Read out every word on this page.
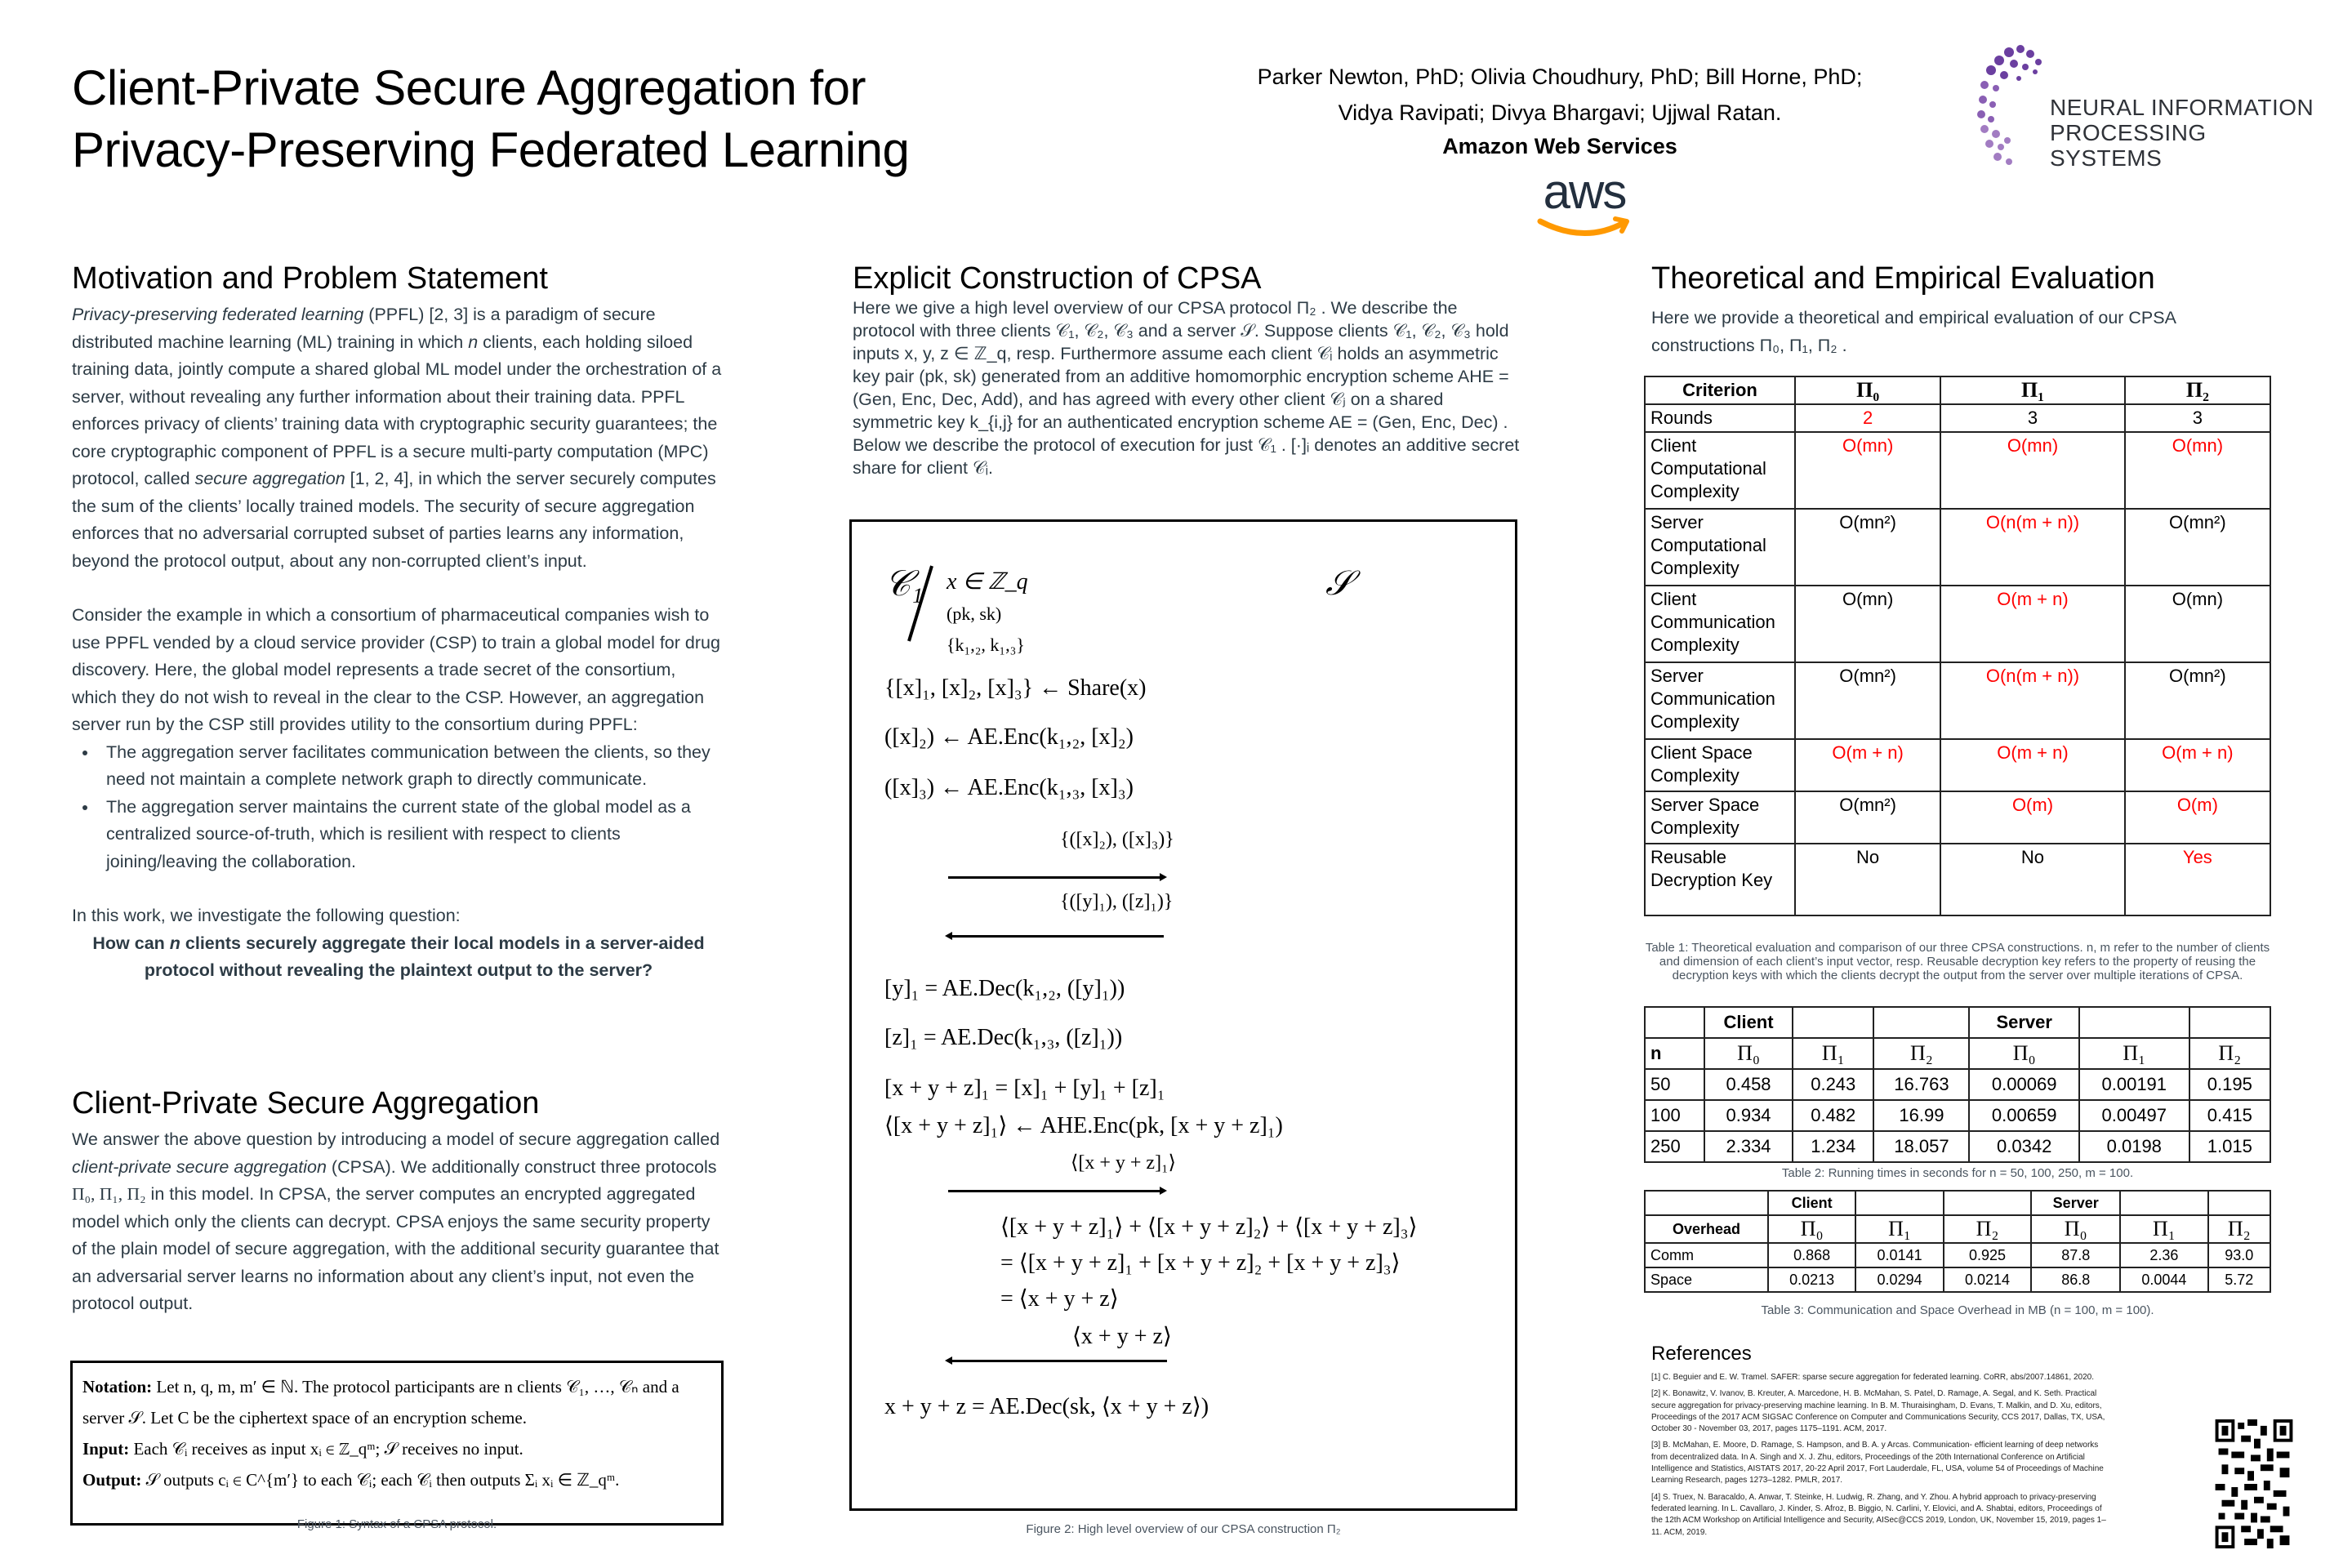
Client-Private Secure Aggregation for
Privacy-Preserving Federated Learning
Parker Newton, PhD; Olivia Choudhury, PhD; Bill Horne, PhD;
Vidya Ravipati; Divya Bhargavi; Ujjwal Ratan.
Amazon Web Services
aws
NEURAL INFORMATION
PROCESSING SYSTEMS
Motivation and Problem Statement

Privacy-preserving federated learning (PPFL) [2, 3] is a paradigm of secure distributed machine learning (ML) training in which n clients, each holding siloed training data, jointly compute a shared global ML model under the orchestration of a server, without revealing any further information about their training data. PPFL enforces privacy of clients’ training data with cryptographic security guarantees; the core cryptographic component of PPFL is a secure multi-party computation (MPC) protocol, called secure aggregation [1, 2, 4], in which the server securely computes the sum of the clients’ locally trained models. The security of secure aggregation enforces that no adversarial corrupted subset of parties learns any information, beyond the protocol output, about any non-corrupted client’s input.

Consider the example in which a consortium of pharmaceutical companies wish to use PPFL vended by a cloud service provider (CSP) to train a global model for drug discovery. Here, the global model represents a trade secret of the consortium, which they do not wish to reveal in the clear to the CSP. However, an aggregation server run by the CSP still provides utility to the consortium during PPFL:

• The aggregation server facilitates communication between the clients, so they need not maintain a complete network graph to directly communicate.
• The aggregation server maintains the current state of the global model as a centralized source-of-truth, which is resilient with respect to clients joining/leaving the collaboration.

In this work, we investigate the following question:

How can n clients securely aggregate their local models in a server-aided protocol without revealing the plaintext output to the server?

Client-Private Secure Aggregation

We answer the above question by introducing a model of secure aggregation called client-private secure aggregation (CPSA). We additionally construct three protocols Π₀, Π₁, Π₂ in this model. In CPSA, the server computes an encrypted aggregated model which only the clients can decrypt. CPSA enjoys the same security property of the plain model of secure aggregation, with the additional security guarantee that an adversarial server learns no information about any client’s input, not even the protocol output.

Notation: Let n, q, m, m′ ∈ ℕ. The protocol participants are n clients 𝒞₁, …, 𝒞ₙ and a server 𝒮. Let C be the ciphertext space of an encryption scheme.
Input: Each 𝒞ᵢ receives as input xᵢ ∈ ℤ_qᵐ; 𝒮 receives no input.
Output: 𝒮 outputs cᵢ ∈ C^{m′} to each 𝒞ᵢ; each 𝒞ᵢ then outputs Σᵢ xᵢ ∈ ℤ_qᵐ.
Figure 1: Syntax of a CPSA protocol.
Explicit Construction of CPSA

Here we give a high level overview of our CPSA protocol Π₂ . We describe the protocol with three clients 𝒞₁, 𝒞₂, 𝒞₃ and a server 𝒮. Suppose clients 𝒞₁, 𝒞₂, 𝒞₃ hold inputs x, y, z ∈ ℤ_q, resp. Furthermore assume each client 𝒞ᵢ holds an asymmetric key pair (pk, sk) generated from an additive homomorphic encryption scheme AHE = (Gen, Enc, Dec, Add), and has agreed with every other client 𝒞ⱼ on a shared symmetric key k_{i,j} for an authenticated encryption scheme AE = (Gen, Enc, Dec) . Below we describe the protocol of execution for just 𝒞₁ . [·]ᵢ denotes an additive secret share for client 𝒞ᵢ.

𝒞₁ x ∈ ℤ_q
(pk, sk)
{k₁,₂, k₁,₃}
𝒮
{[x]₁, [x]₂, [x]₃} ← Share(x)
([x]₂) ← AE.Enc(k₁,₂, [x]₂)
([x]₃) ← AE.Enc(k₁,₃, [x]₃)
{([x]₂), ([x]₃)}
{([y]₁), ([z]₁)}
[y]₁ = AE.Dec(k₁,₂, ([y]₁))
[z]₁ = AE.Dec(k₁,₃, ([z]₁))
[x + y + z]₁ = [x]₁ + [y]₁ + [z]₁
⟨[x + y + z]₁⟩ ← AHE.Enc(pk, [x + y + z]₁)
⟨[x + y + z]₁⟩
⟨[x + y + z]₁⟩ + ⟨[x + y + z]₂⟩ + ⟨[x + y + z]₃⟩
= ⟨[x + y + z]₁ + [x + y + z]₂ + [x + y + z]₃⟩
= ⟨x + y + z⟩
⟨x + y + z⟩
x + y + z = AE.Dec(sk, ⟨x + y + z⟩)
Figure 2: High level overview of our CPSA construction Π₂
Theoretical and Empirical Evaluation

Here we provide a theoretical and empirical evaluation of our CPSA constructions Π₀, Π₁, Π₂ .

Criterion	Π₀	Π₁	Π₂
Rounds	2	3	3
Client Computational Complexity	O(mn)	O(mn)	O(mn)
Server Computational Complexity	O(mn²)	O(n(m + n))	O(mn²)
Client Communication Complexity	O(mn)	O(m + n)	O(mn)
Server Communication Complexity	O(mn²)	O(n(m + n))	O(mn²)
Client Space Complexity	O(m + n)	O(m + n)	O(m + n)
Server Space Complexity	O(mn²)	O(m)	O(m)
Reusable Decryption Key	No	No	Yes
Table 1: Theoretical evaluation and comparison of our three CPSA constructions. n, m refer to the number of clients and dimension of each client’s input vector, resp. Reusable decryption key refers to the property of reusing the decryption keys with which the clients decrypt the output from the server over multiple iterations of CPSA.
	Client			Server		
n	Π₀	Π₁	Π₂	Π₀	Π₁	Π₂
50	0.458	0.243	16.763	0.00069	0.00191	0.195
100	0.934	0.482	16.99	0.00659	0.00497	0.415
250	2.334	1.234	18.057	0.0342	0.0198	1.015
Table 2: Running times in seconds for n = 50, 100, 250, m = 100.
	Client			Server		
Overhead	Π₀	Π₁	Π₂	Π₀	Π₁	Π₂
Comm	0.868	0.0141	0.925	87.8	2.36	93.0
Space	0.0213	0.0294	0.0214	86.8	0.0044	5.72
Table 3: Communication and Space Overhead in MB (n = 100, m = 100).
References

[1] C. Beguier and E. W. Tramel. SAFER: sparse secure aggregation for federated learning. CoRR, abs/2007.14861, 2020.

[2] K. Bonawitz, V. Ivanov, B. Kreuter, A. Marcedone, H. B. McMahan, S. Patel, D. Ramage, A. Segal, and K. Seth. Practical secure aggregation for privacy-preserving machine learning. In B. M. Thuraisingham, D. Evans, T. Malkin, and D. Xu, editors, Proceedings of the 2017 ACM SIGSAC Conference on Computer and Communications Security, CCS 2017, Dallas, TX, USA, October 30 - November 03, 2017, pages 1175–1191. ACM, 2017.

[3] B. McMahan, E. Moore, D. Ramage, S. Hampson, and B. A. y Arcas. Communication- efficient learning of deep networks from decentralized data. In A. Singh and X. J. Zhu, editors, Proceedings of the 20th International Conference on Artificial Intelligence and Statistics, AISTATS 2017, 20-22 April 2017, Fort Lauderdale, FL, USA, volume 54 of Proceedings of Machine Learning Research, pages 1273–1282. PMLR, 2017.

[4] S. Truex, N. Baracaldo, A. Anwar, T. Steinke, H. Ludwig, R. Zhang, and Y. Zhou. A hybrid approach to privacy-preserving federated learning. In L. Cavallaro, J. Kinder, S. Afroz, B. Biggio, N. Carlini, Y. Elovici, and A. Shabtai, editors, Proceedings of the 12th ACM Workshop on Artificial Intelligence and Security, AISec@CCS 2019, London, UK, November 15, 2019, pages 1–11. ACM, 2019.
